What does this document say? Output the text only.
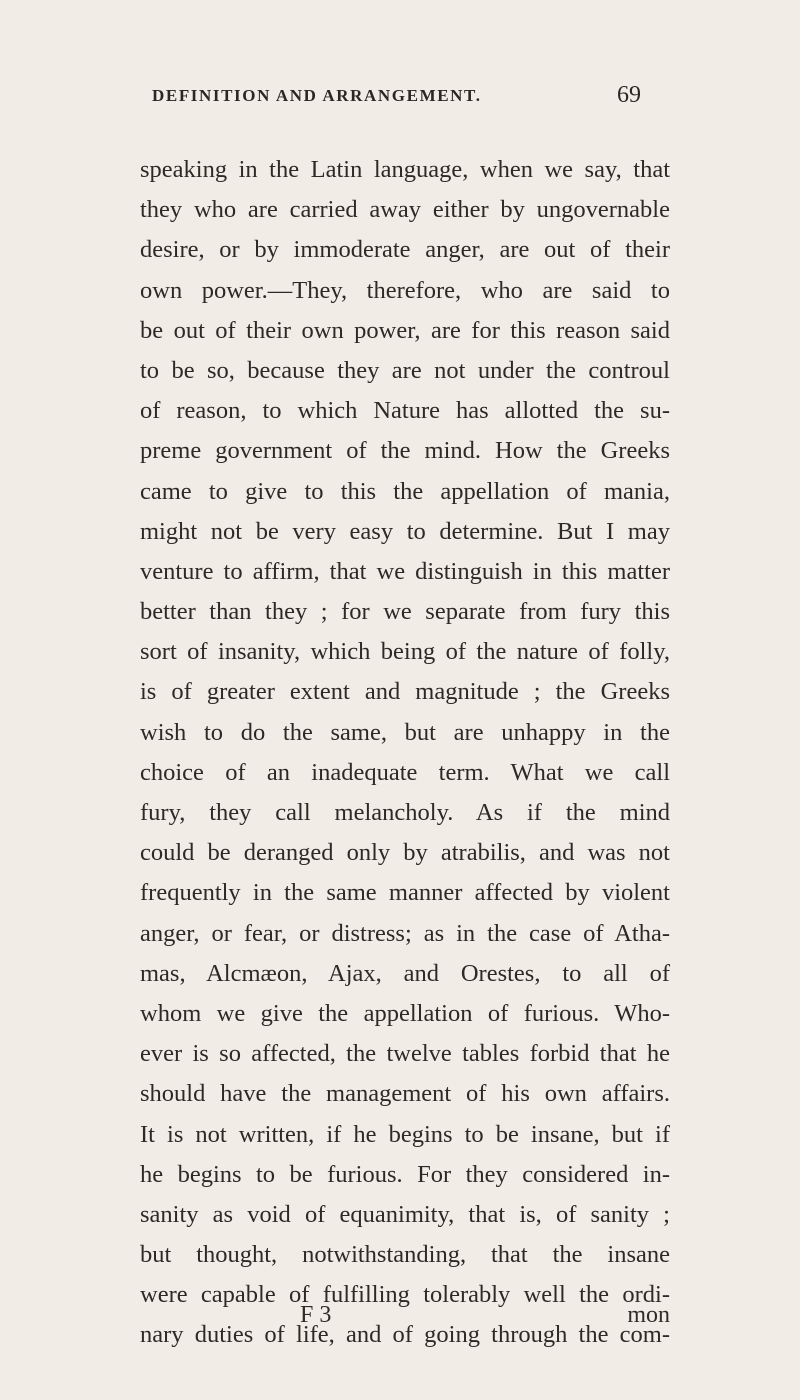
DEFINITION AND ARRANGEMENT.	69
speaking in the Latin language, when we say, that
they who are carried away either by ungovernable
desire, or by immoderate anger, are out of their
own power.—They, therefore, who are said to
be out of their own power, are for this reason said
to be so, because they are not under the controul
of reason, to which Nature has allotted the su-
preme government of the mind. How the Greeks
came to give to this the appellation of mania,
might not be very easy to determine. But I may
venture to affirm, that we distinguish in this matter
better than they ; for we separate from fury this
sort of insanity, which being of the nature of folly,
is of greater extent and magnitude ; the Greeks
wish to do the same, but are unhappy in the
choice of an inadequate term. What we call
fury, they call melancholy. As if the mind
could be deranged only by atrabilis, and was not
frequently in the same manner affected by violent
anger, or fear, or distress; as in the case of Atha-
mas, Alcmæon, Ajax, and Orestes, to all of
whom we give the appellation of furious. Who-
ever is so affected, the twelve tables forbid that he
should have the management of his own affairs.
It is not written, if he begins to be insane, but if
he begins to be furious. For they considered in-
sanity as void of equanimity, that is, of sanity ;
but thought, notwithstanding, that the insane
were capable of fulfilling tolerably well the ordi-
nary duties of life, and of going through the com-
F 3	mon
